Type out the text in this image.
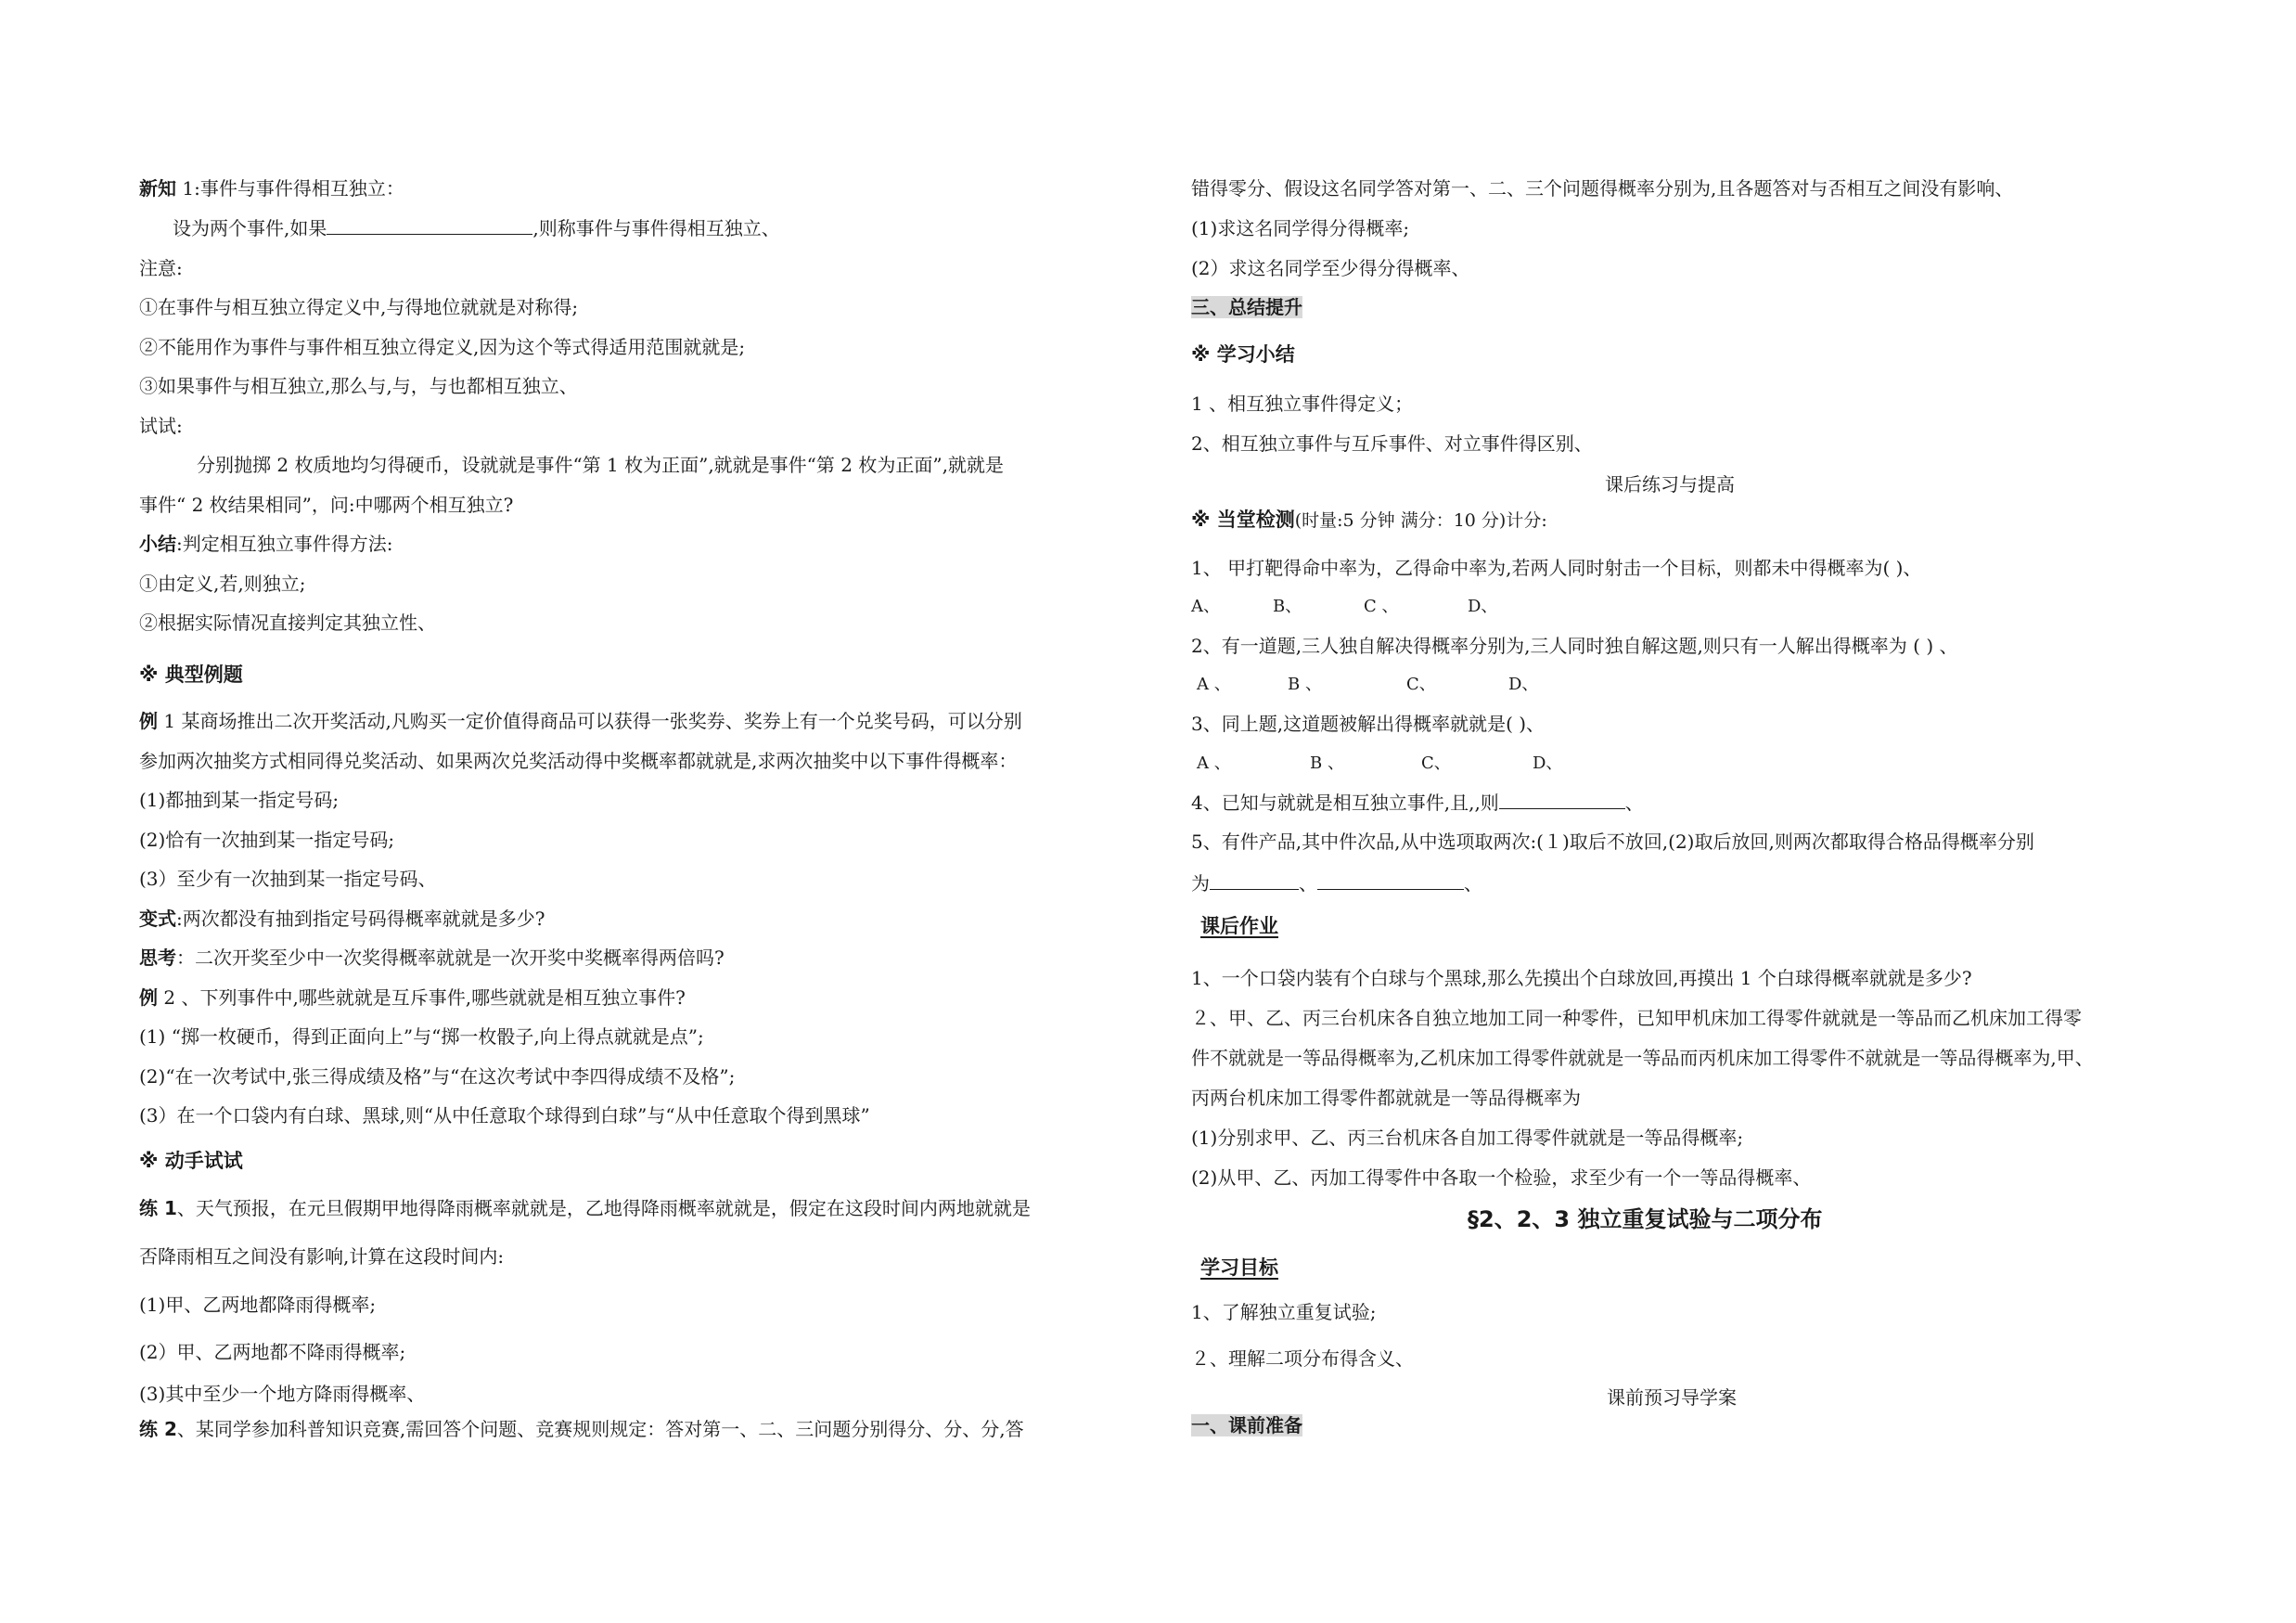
新知 1:事件与事件得相互独立：
设为两个事件,如果	,则称事件与事件得相互独立、
注意:
①在事件与相互独立得定义中,与得地位就就是对称得;
②不能用作为事件与事件相互独立得定义,因为这个等式得适用范围就就是;
③如果事件与相互独立,那么与,与，与也都相互独立、
试试:
分别抛掷 2 枚质地均匀得硬币，设就就是事件“第 1 枚为正面”,就就是事件“第 2 枚为正面”,就就是
事件“ 2 枚结果相同”，问:中哪两个相互独立?
小结:判定相互独立事件得方法:
①由定义,若,则独立;
②根据实际情况直接判定其独立性、
※ 典型例题
例 1 某商场推出二次开奖活动,凡购买一定价值得商品可以获得一张奖券、奖券上有一个兑奖号码，可以分别
参加两次抽奖方式相同得兑奖活动、如果两次兑奖活动得中奖概率都就就是,求两次抽奖中以下事件得概率：
(1)都抽到某一指定号码;
(2)恰有一次抽到某一指定号码;
(3）至少有一次抽到某一指定号码、
变式:两次都没有抽到指定号码得概率就就是多少?
思考：二次开奖至少中一次奖得概率就就是一次开奖中奖概率得两倍吗?
例 2 、下列事件中,哪些就就是互斥事件,哪些就就是相互独立事件?
(1) “掷一枚硬币，得到正面向上”与“掷一枚骰子,向上得点就就是点”;
(2)“在一次考试中,张三得成绩及格”与“在这次考试中李四得成绩不及格”;
(3）在一个口袋内有白球、黑球,则“从中任意取个球得到白球”与“从中任意取个得到黑球”
※ 动手试试
练 1、天气预报，在元旦假期甲地得降雨概率就就是，乙地得降雨概率就就是，假定在这段时间内两地就就是
否降雨相互之间没有影响,计算在这段时间内:
(1)甲、乙两地都降雨得概率;
(2）甲、乙两地都不降雨得概率;
(3)其中至少一个地方降雨得概率、
练 2、某同学参加科普知识竞赛,需回答个问题、竞赛规则规定：答对第一、二、三问题分别得分、分、分,答
错得零分、假设这名同学答对第一、二、三个问题得概率分别为,且各题答对与否相互之间没有影响、
(1)求这名同学得分得概率;
(2）求这名同学至少得分得概率、
三、总结提升
※ 学习小结
1 、相互独立事件得定义；
2、相互独立事件与互斥事件、对立事件得区别、
课后练习与提高
※ 当堂检测(时量:5 分钟 满分：10 分)计分:
1、 甲打靶得命中率为，乙得命中率为,若两人同时射击一个目标，则都未中得概率为( )、
A、	B、	C 、	D、
2、有一道题,三人独自解决得概率分别为,三人同时独自解这题,则只有一人解出得概率为 ( ) 、
A 、	B 、	C、	D、
3、同上题,这道题被解出得概率就就是( )、
A 、	B 、	C、	D、
4、已知与就就是相互独立事件,且,,则	、
5、有件产品,其中件次品,从中选项取两次:(１)取后不放回,(2)取后放回,则两次都取得合格品得概率分别
为	、	、
课后作业
1、一个口袋内装有个白球与个黑球,那么先摸出个白球放回,再摸出 1 个白球得概率就就是多少?
２、甲、乙、丙三台机床各自独立地加工同一种零件，已知甲机床加工得零件就就是一等品而乙机床加工得零
件不就就是一等品得概率为,乙机床加工得零件就就是一等品而丙机床加工得零件不就就是一等品得概率为,甲、
丙两台机床加工得零件都就就是一等品得概率为
(1)分别求甲、乙、丙三台机床各自加工得零件就就是一等品得概率;
(2)从甲、乙、丙加工得零件中各取一个检验，求至少有一个一等品得概率、
§2、2、3 独立重复试验与二项分布
学习目标
1、了解独立重复试验;
２、理解二项分布得含义、
课前预习导学案
一、课前准备
